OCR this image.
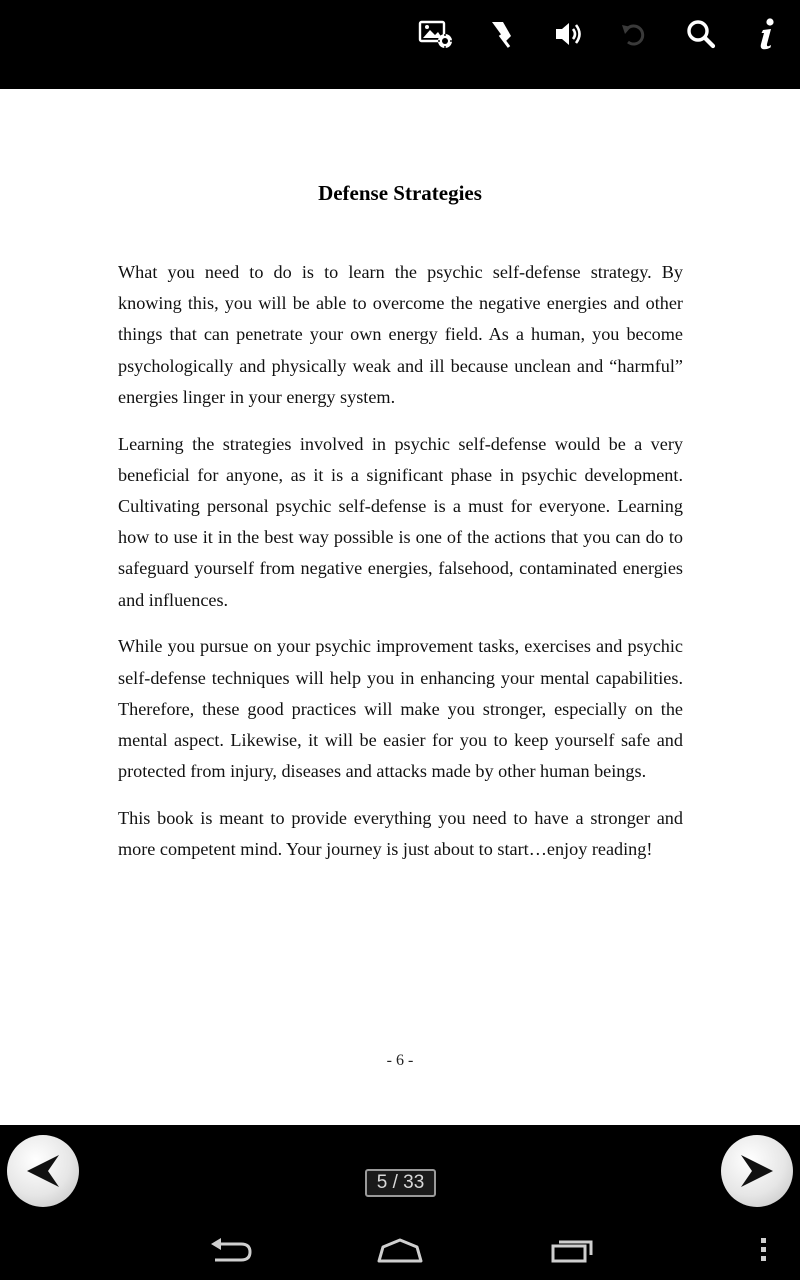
Defense Strategies

What you need to do is to learn the psychic self-defense strategy. By knowing this, you will be able to overcome the negative energies and other things that can penetrate your own energy field. As a human, you become psychologically and physically weak and ill because unclean and “harmful” energies linger in your energy system.

Learning the strategies involved in psychic self-defense would be a very beneficial for anyone, as it is a significant phase in psychic development. Cultivating personal psychic self-defense is a must for everyone. Learning how to use it in the best way possible is one of the actions that you can do to safeguard yourself from negative energies, falsehood, contaminated energies and influences.

While you pursue on your psychic improvement tasks, exercises and psychic self-defense techniques will help you in enhancing your mental capabilities. Therefore, these good practices will make you stronger, especially on the mental aspect. Likewise, it will be easier for you to keep yourself safe and protected from injury, diseases and attacks made by other human beings.

This book is meant to provide everything you need to have a stronger and more competent mind. Your journey is just about to start…enjoy reading!

- 6 -
5 / 33
